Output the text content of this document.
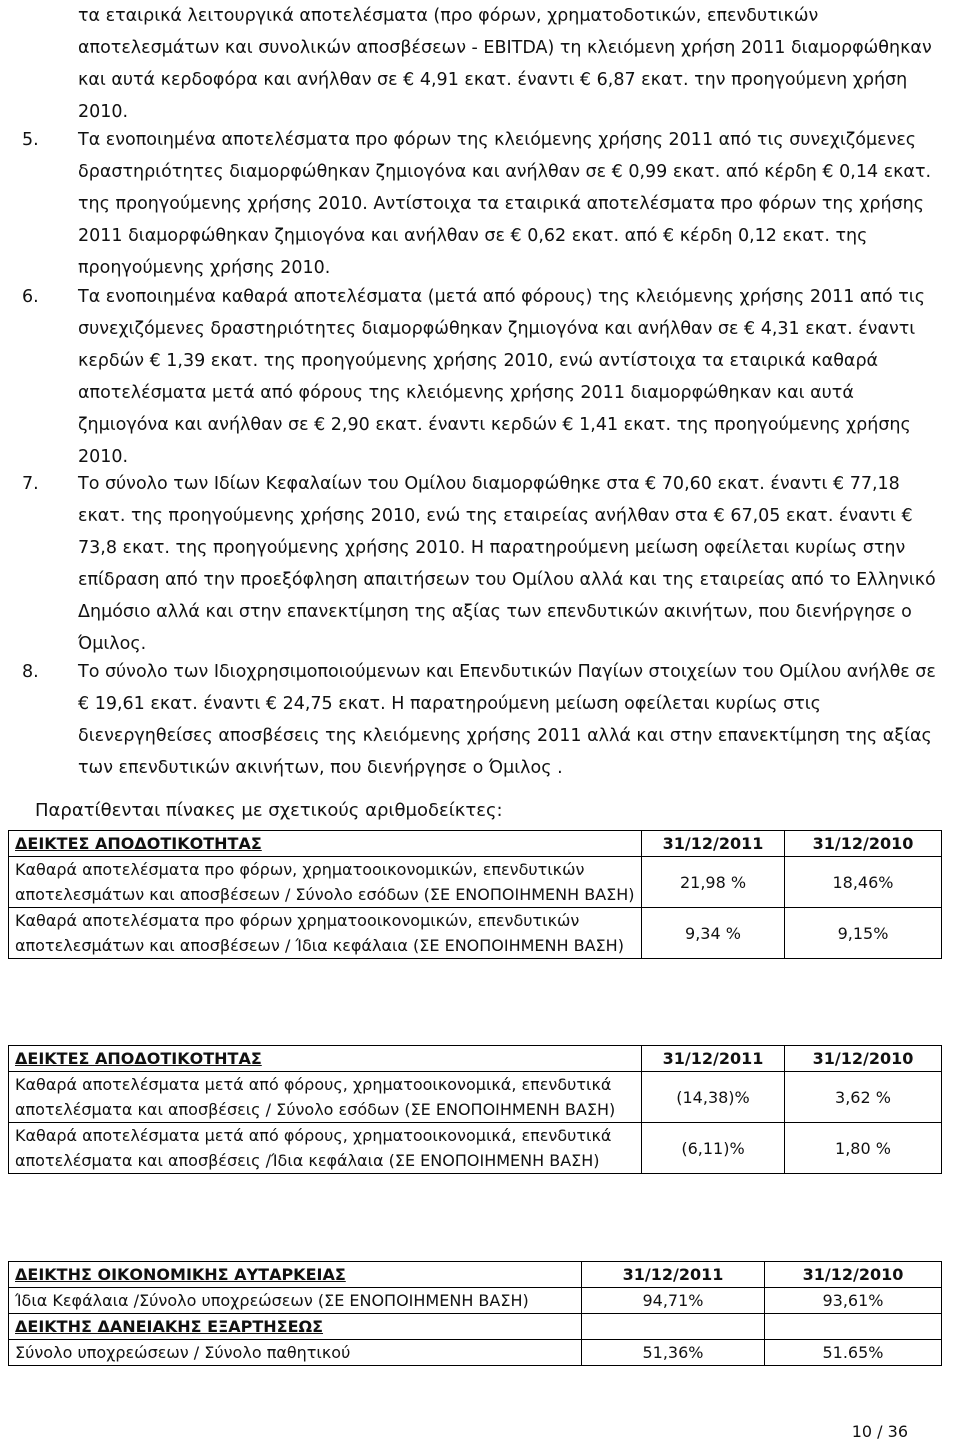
τα εταιρικά λειτουργικά αποτελέσματα (προ φόρων, χρηματοδοτικών, επενδυτικών αποτελεσμάτων και συνολικών αποσβέσεων - EBITDA) τη κλειόμενη χρήση 2011 διαμορφώθηκαν και αυτά κερδοφόρα και ανήλθαν σε € 4,91 εκατ. έναντι € 6,87 εκατ. την προηγούμενη χρήση 2010.

5.	Τα ενοποιημένα αποτελέσματα προ φόρων της κλειόμενης χρήσης 2011 από τις συνεχιζόμενες δραστηριότητες διαμορφώθηκαν ζημιογόνα και ανήλθαν σε € 0,99 εκατ. από κέρδη € 0,14 εκατ. της προηγούμενης χρήσης 2010. Αντίστοιχα τα εταιρικά αποτελέσματα προ φόρων της χρήσης 2011 διαμορφώθηκαν ζημιογόνα και ανήλθαν σε € 0,62 εκατ. από € κέρδη 0,12 εκατ. της προηγούμενης χρήσης 2010.
6.	Τα ενοποιημένα καθαρά αποτελέσματα (μετά από φόρους) της κλειόμενης χρήσης 2011 από τις συνεχιζόμενες δραστηριότητες διαμορφώθηκαν ζημιογόνα και ανήλθαν σε € 4,31 εκατ. έναντι κερδών € 1,39 εκατ. της προηγούμενης χρήσης 2010, ενώ αντίστοιχα τα εταιρικά καθαρά αποτελέσματα μετά από φόρους της κλειόμενης χρήσης 2011 διαμορφώθηκαν και αυτά ζημιογόνα και ανήλθαν σε € 2,90 εκατ. έναντι κερδών € 1,41 εκατ. της προηγούμενης χρήσης 2010.
7.	Το σύνολο των Ιδίων Κεφαλαίων του Ομίλου διαμορφώθηκε στα € 70,60 εκατ. έναντι € 77,18 εκατ. της προηγούμενης χρήσης 2010, ενώ της εταιρείας ανήλθαν στα € 67,05 εκατ. έναντι € 73,8 εκατ. της προηγούμενης χρήσης 2010. Η παρατηρούμενη μείωση οφείλεται κυρίως στην επίδραση από την προεξόφληση απαιτήσεων του Ομίλου αλλά και της εταιρείας από το Ελληνικό Δημόσιο αλλά και στην επανεκτίμηση της αξίας των επενδυτικών ακινήτων, που διενήργησε ο Όμιλος.
8.	Το σύνολο των Ιδιοχρησιμοποιούμενων και Επενδυτικών Παγίων στοιχείων του Ομίλου ανήλθε σε € 19,61 εκατ. έναντι € 24,75 εκατ. Η παρατηρούμενη μείωση οφείλεται κυρίως στις διενεργηθείσες αποσβέσεις της κλειόμενης χρήσης 2011 αλλά και στην επανεκτίμηση της αξίας των επενδυτικών ακινήτων, που διενήργησε ο Όμιλος .
Παρατίθενται πίνακες με σχετικούς αριθμοδείκτες:
ΔΕΙΚΤΕΣ ΑΠΟΔΟΤΙΚΟΤΗΤΑΣ	31/12/2011	31/12/2010
Καθαρά αποτελέσματα προ φόρων, χρηματοοικονομικών, επενδυτικών αποτελεσμάτων και αποσβέσεων / Σύνολο εσόδων (ΣΕ ΕΝΟΠΟΙΗΜΕΝΗ ΒΑΣΗ)	21,98 %	18,46%
Καθαρά αποτελέσματα προ φόρων χρηματοοικονομικών, επενδυτικών αποτελεσμάτων και αποσβέσεων / Ίδια κεφάλαια (ΣΕ ΕΝΟΠΟΙΗΜΕΝΗ ΒΑΣΗ)	9,34 %	9,15%
ΔΕΙΚΤΕΣ ΑΠΟΔΟΤΙΚΟΤΗΤΑΣ	31/12/2011	31/12/2010
Καθαρά αποτελέσματα μετά από φόρους, χρηματοοικονομικά, επενδυτικά αποτελέσματα και αποσβέσεις / Σύνολο εσόδων (ΣΕ ΕΝΟΠΟΙΗΜΕΝΗ ΒΑΣΗ)	(14,38)%	3,62 %
Καθαρά αποτελέσματα μετά από φόρους, χρηματοοικονομικά, επενδυτικά αποτελέσματα και αποσβέσεις /Ίδια κεφάλαια (ΣΕ ΕΝΟΠΟΙΗΜΕΝΗ ΒΑΣΗ)	(6,11)%	1,80 %
ΔΕΙΚΤΗΣ ΟΙΚΟΝΟΜΙΚΗΣ ΑΥΤΑΡΚΕΙΑΣ	31/12/2011	31/12/2010
Ίδια Κεφάλαια /Σύνολο υποχρεώσεων (ΣΕ ΕΝΟΠΟΙΗΜΕΝΗ ΒΑΣΗ)	94,71%	93,61%
ΔΕΙΚΤΗΣ ΔΑΝΕΙΑΚΗΣ ΕΞΑΡΤΗΣΕΩΣ		
Σύνολο υποχρεώσεων / Σύνολο παθητικού	51,36%	51.65%
10 / 36
